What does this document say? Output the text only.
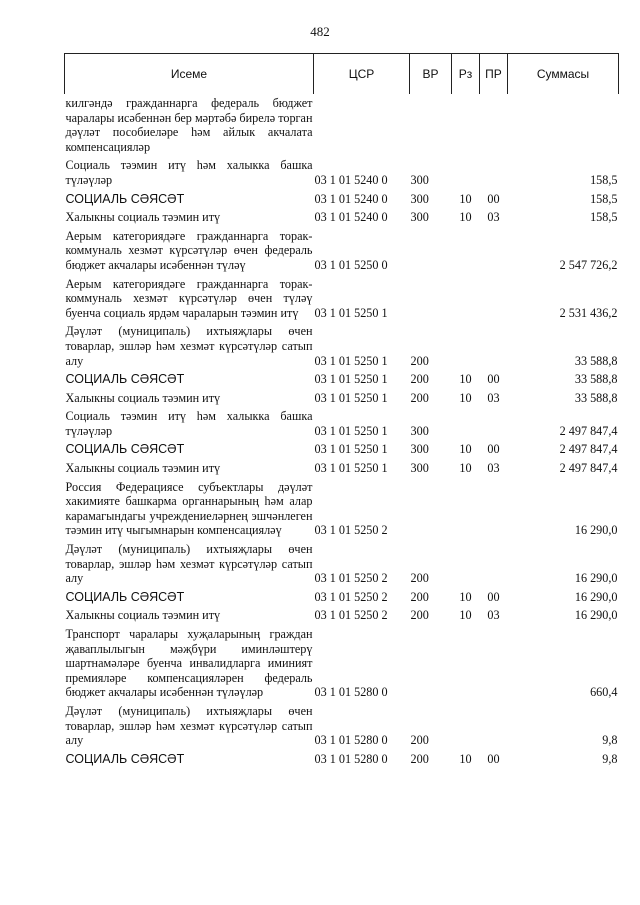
482
Исеме	ЦСР	ВР	Рз	ПР	Суммасы
килгәндә гражданнарга федераль бюджет чаралары исәбеннән бер мәртәбә бирелә торган дәүләт пособиеләре һәм айлык акчалата компенсацияләр					
Социаль тәэмин итү һәм халыкка башка түләүләр	03 1 01 5240 0	300			158,5
СОЦИАЛЬ СӘЯСӘТ	03 1 01 5240 0	300	10	00	158,5
Халыкны социаль тәэмин итү	03 1 01 5240 0	300	10	03	158,5
Аерым категориядәге гражданнарга торак-коммуналь хезмәт күрсәтүләр өчен федераль бюджет акчалары исәбеннән түләү	03 1 01 5250 0				2 547 726,2
Аерым категориядәге гражданнарга торак-коммуналь хезмәт күрсәтүләр өчен түләү буенча социаль ярдәм чараларын тәэмин итү	03 1 01 5250 1				2 531 436,2
Дәүләт (муниципаль) ихтыяҗлары өчен товарлар, эшләр һәм хезмәт күрсәтүләр сатып алу	03 1 01 5250 1	200			33 588,8
СОЦИАЛЬ СӘЯСӘТ	03 1 01 5250 1	200	10	00	33 588,8
Халыкны социаль тәэмин итү	03 1 01 5250 1	200	10	03	33 588,8
Социаль тәэмин итү һәм халыкка башка түләүләр	03 1 01 5250 1	300			2 497 847,4
СОЦИАЛЬ СӘЯСӘТ	03 1 01 5250 1	300	10	00	2 497 847,4
Халыкны социаль тәэмин итү	03 1 01 5250 1	300	10	03	2 497 847,4
Россия Федерациясе субъектлары дәүләт хакимияте башкарма органнарының һәм алар карамагындагы учреждениеләрнең эшчәнлеген тәэмин итү чыгымнарын компенсацияләү	03 1 01 5250 2				16 290,0
Дәүләт (муниципаль) ихтыяҗлары өчен товарлар, эшләр һәм хезмәт күрсәтүләр сатып алу	03 1 01 5250 2	200			16 290,0
СОЦИАЛЬ СӘЯСӘТ	03 1 01 5250 2	200	10	00	16 290,0
Халыкны социаль тәэмин итү	03 1 01 5250 2	200	10	03	16 290,0
Транспорт чаралары хуҗаларының граждан җаваплылыгын мәҗбүри иминләштерү шартнамәләре буенча инвалидларга иминият премияләре компенсацияләрен федераль бюджет акчалары исәбеннән түләүләр	03 1 01 5280 0				660,4
Дәүләт (муниципаль) ихтыяҗлары өчен товарлар, эшләр һәм хезмәт күрсәтүләр сатып алу	03 1 01 5280 0	200			9,8
СОЦИАЛЬ СӘЯСӘТ	03 1 01 5280 0	200	10	00	9,8
